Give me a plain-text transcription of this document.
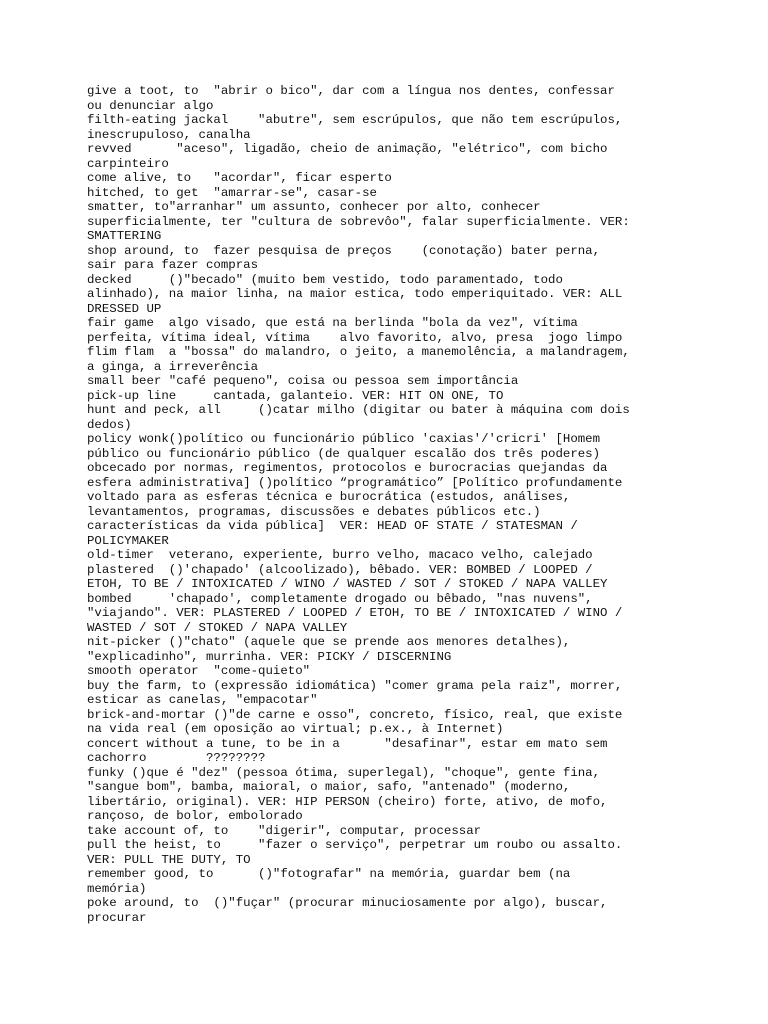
give a toot, to  "abrir o bico", dar com a língua nos dentes, confessar
ou denunciar algo
filth-eating jackal    "abutre", sem escrúpulos, que não tem escrúpulos,
inescrupuloso, canalha
revved      "aceso", ligadão, cheio de animação, "elétrico", com bicho
carpinteiro
come alive, to   "acordar", ficar esperto
hitched, to get  "amarrar-se", casar-se
smatter, to"arranhar" um assunto, conhecer por alto, conhecer
superficialmente, ter "cultura de sobrevôo", falar superficialmente. VER:
SMATTERING
shop around, to  fazer pesquisa de preços    (conotação) bater perna,
sair para fazer compras
decked     ()"becado" (muito bem vestido, todo paramentado, todo
alinhado), na maior linha, na maior estica, todo emperiquitado. VER: ALL
DRESSED UP
fair game  algo visado, que está na berlinda "bola da vez", vítima
perfeita, vítima ideal, vítima    alvo favorito, alvo, presa  jogo limpo
flim flam  a "bossa" do malandro, o jeito, a manemolência, a malandragem,
a ginga, a irreverência
small beer "café pequeno", coisa ou pessoa sem importância
pick-up line     cantada, galanteio. VER: HIT ON ONE, TO
hunt and peck, all     ()catar milho (digitar ou bater à máquina com dois
dedos)
policy wonk()político ou funcionário público 'caxias'/'cricri' [Homem
público ou funcionário público (de qualquer escalão dos três poderes)
obcecado por normas, regimentos, protocolos e burocracias quejandas da
esfera administrativa] ()político “programático” [Político profundamente
voltado para as esferas técnica e burocrática (estudos, análises,
levantamentos, programas, discussões e debates públicos etc.)
características da vida pública]  VER: HEAD OF STATE / STATESMAN /
POLICYMAKER
old-timer  veterano, experiente, burro velho, macaco velho, calejado
plastered  ()'chapado' (alcoolizado), bêbado. VER: BOMBED / LOOPED /
ETOH, TO BE / INTOXICATED / WINO / WASTED / SOT / STOKED / NAPA VALLEY
bombed     'chapado', completamente drogado ou bêbado, "nas nuvens",
"viajando". VER: PLASTERED / LOOPED / ETOH, TO BE / INTOXICATED / WINO /
WASTED / SOT / STOKED / NAPA VALLEY
nit-picker ()"chato" (aquele que se prende aos menores detalhes),
"explicadinho", murrinha. VER: PICKY / DISCERNING
smooth operator  "come-quieto"
buy the farm, to (expressão idiomática) "comer grama pela raiz", morrer,
esticar as canelas, "empacotar"
brick-and-mortar ()"de carne e osso", concreto, físico, real, que existe
na vida real (em oposição ao virtual; p.ex., à Internet)
concert without a tune, to be in a      "desafinar", estar em mato sem
cachorro        ????????
funky ()que é "dez" (pessoa ótima, superlegal), "choque", gente fina,
"sangue bom", bamba, maioral, o maior, safo, "antenado" (moderno,
libertário, original). VER: HIP PERSON (cheiro) forte, ativo, de mofo,
rançoso, de bolor, embolorado
take account of, to    "digerir", computar, processar
pull the heist, to     "fazer o serviço", perpetrar um roubo ou assalto.
VER: PULL THE DUTY, TO
remember good, to      ()"fotografar" na memória, guardar bem (na
memória)
poke around, to  ()"fuçar" (procurar minuciosamente por algo), buscar,
procurar
